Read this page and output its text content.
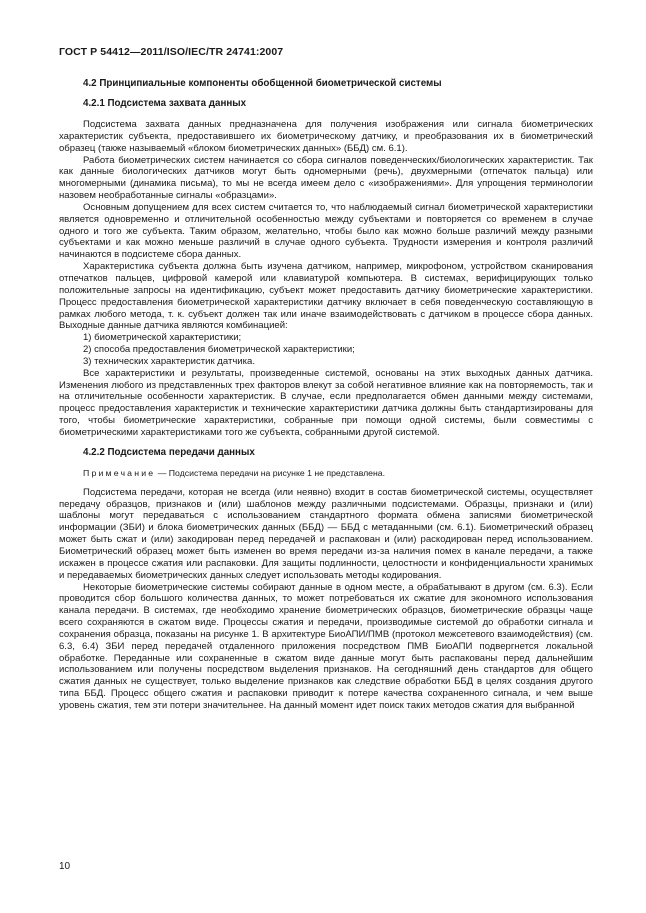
ГОСТ Р 54412—2011/ISO/IEC/TR 24741:2007
4.2 Принципиальные компоненты обобщенной биометрической системы
4.2.1 Подсистема захвата данных

Подсистема захвата данных предназначена для получения изображения или сигнала биометрических характеристик субъекта, предоставившего их биометрическому датчику, и преобразования их в биометрический образец (также называемый «блоком биометрических данных» (ББД) см. 6.1).

Работа биометрических систем начинается со сбора сигналов поведенческих/биологических характеристик. Так как данные биологических датчиков могут быть одномерными (речь), двухмерными (отпечаток пальца) или многомерными (динамика письма), то мы не всегда имеем дело с «изображениями». Для упрощения терминологии назовем необработанные сигналы «образцами».

Основным допущением для всех систем считается то, что наблюдаемый сигнал биометрической характеристики является одновременно и отличительной особенностью между субъектами и повторяется со временем в случае одного и того же субъекта. Таким образом, желательно, чтобы было как можно больше различий между разными субъектами и как можно меньше различий в случае одного субъекта. Трудности измерения и контроля различий начинаются в подсистеме сбора данных.

Характеристика субъекта должна быть изучена датчиком, например, микрофоном, устройством сканирования отпечатков пальцев, цифровой камерой или клавиатурой компьютера. В системах, верифицирующих только положительные запросы на идентификацию, субъект может предоставить датчику биометрические характеристики. Процесс предоставления биометрической характеристики датчику включает в себя поведенческую составляющую в рамках любого метода, т. к. субъект должен так или иначе взаимодействовать с датчиком в процессе сбора данных. Выходные данные датчика являются комбинацией:

1) биометрической характеристики;

2) способа предоставления биометрической характеристики;

3) технических характеристик датчика.

Все характеристики и результаты, произведенные системой, основаны на этих выходных данных датчика. Изменения любого из представленных трех факторов влекут за собой негативное влияние как на повторяемость, так и на отличительные особенности характеристик. В случае, если предполагается обмен данными между системами, процесс предоставления характеристик и технические характеристики датчика должны быть стандартизированы для того, чтобы биометрические характеристики, собранные при помощи одной системы, были совместимы с биометрическими характеристиками того же субъекта, собранными другой системой.

4.2.2 Подсистема передачи данных

Примечание — Подсистема передачи на рисунке 1 не представлена.

Подсистема передачи, которая не всегда (или неявно) входит в состав биометрической системы, осуществляет передачу образцов, признаков и (или) шаблонов между различными подсистемами. Образцы, признаки и (или) шаблоны могут передаваться с использованием стандартного формата обмена записями биометрической информации (ЗБИ) и блока биометрических данных (ББД) — ББД с метаданными (см. 6.1). Биометрический образец может быть сжат и (или) закодирован перед передачей и распакован и (или) раскодирован перед использованием. Биометрический образец может быть изменен во время передачи из-за наличия помех в канале передачи, а также искажен в процессе сжатия или распаковки. Для защиты подлинности, целостности и конфиденциальности хранимых и передаваемых биометрических данных следует использовать методы кодирования.

Некоторые биометрические системы собирают данные в одном месте, а обрабатывают в другом (см. 6.3). Если проводится сбор большого количества данных, то может потребоваться их сжатие для экономного использования канала передачи. В системах, где необходимо хранение биометрических образцов, биометрические образцы чаще всего сохраняются в сжатом виде. Процессы сжатия и передачи, производимые системой до обработки сигнала и сохранения образца, показаны на рисунке 1. В архитектуре БиоАПИ/ПМВ (протокол межсетевого взаимодействия) (см. 6.3, 6.4) ЗБИ перед передачей отдаленного приложения посредством ПМВ БиоАПИ подвергнется локальной обработке. Переданные или сохраненные в сжатом виде данные могут быть распакованы перед дальнейшим использованием или получены посредством выделения признаков. На сегодняшний день стандартов для общего сжатия данных не существует, только выделение признаков как следствие обработки ББД в целях создания другого типа ББД. Процесс общего сжатия и распаковки приводит к потере качества сохраненного сигнала, и чем выше уровень сжатия, тем эти потери значительнее. На данный момент идет поиск таких методов сжатия для выбранной

10
